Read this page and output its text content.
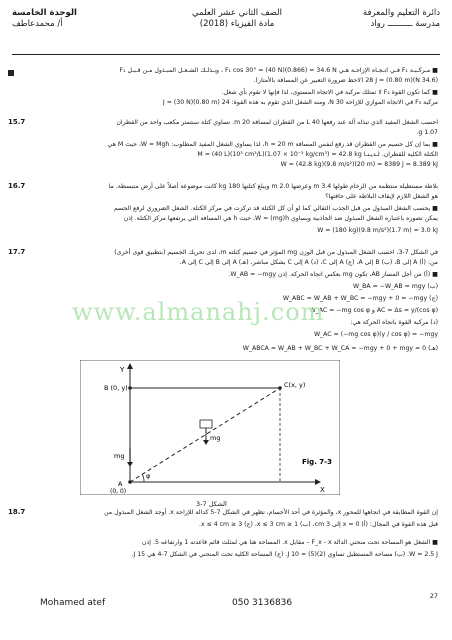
دائرة التعليم والمعرفة
مدرسة ــــــــــ رواد
الصف الثاني عشر العلمي
مادة الفيزياء (2018)
الوحدة الخامسة
أ/ محمدعاطف
■ مـركـبـة F₁ فـي اتـجـاه الإزاحـة هـي F₁ cos 30° = (40 N)(0.866) = 34.6 N ، وبـذلـك الشـغـل المبـذول مـن قـبـل F₁
(34.6 N)(0.80 m) = 28 J (لاحظ ضرورة التعبير عن المسافة بالأمتار).
■ كما تكون القوة F₂ لا تمتلك مركبة في الاتجاه المستوى، لذا فإنها لا تقوم بأي شغل.
مركبة F₃ في الاتجاه الموازي للإزاحة 30 N، ومنه الشغل الذي تقوم به هذه القوة: 24 J = (30 N)(0.80 m)
15.7	احسب الشغل المفيد الذي تبذله آلة عند رفعها 40 L من القطران لمسافة 20 m. تساوي كتلة سنتمتر مكعب واحد من القطران
1.07 g.
■ بما إن كل جسيم من القطران قد رفع لنفس المسافة h = 20 m، لذا يساوي الشغل المفيد المطلوب: W = Mgh، حيث M هي
الكتلة الكلية للقطران. لـديـنـا M = (40 L)(10³ cm³/L)(1.07 × 10⁻³ kg/cm³) = 42.8 kg
W = (42.8 kg)(9.8 m/s²)(20 m) = 8389 J = 8.389 kJ
16.7	بلاطة مستطيلة منتظمة من الرخام طولها 3.4 m وعرضها 2.0 m ويبلغ كتلتها 180 kg كانت موضوعة أصلاً على أرض متبسطة. ما
هو الشغل اللازم لإيقاف البلاطة على حافتها؟
■ يحسب الشغل المبذول من قبل الجذب الثقالي كما لو أن كل الكتلة قد تركزت في مركز الكتلة. الشغل الضروري لرفع الجسم
يمكن تصوره باعتباره الشغل المبذول ضد الجاذبية ويساوي W = (mg)h، حيث h هي المسافة التي يرتفعها مركز الكتلة. إذن
W = (180 kg)(9.8 m/s²)(1.7 m) = 3.0 kJ
17.7	في الشكل 7-3، احسب الشغل المبذول من قبل الوزن mg المؤثر في جسيم كتلته m، لدى تحريك الجسيم (بتطبيق قوى أخرى)
من: (أ) A إلى B، (ب) B إلى A، (ج) A إلى C، (د) A إلى C بشكل مباشر، (هـ) A إلى B إلى C إلى A.
■ (أ) من أجل المسار AB، تكون mg بعكس اتجاه الحركة. إذن W_AB = −mgy.
(ب) W_BA = −W_AB = mgy
(ج) W_ABC = W_AB + W_BC = −mgy + 0 = −mgy
AC = Δs = y/(cos φ) و W_AC = −mg cos φ
(د) مركبة القوة باتجاه الحركة هي:
W_AC = (−mg cos φ)(y / cos φ) = −mgy
(هـ) W_ABCA = W_AB + W_BC + W_CA = −mgy + 0 + mgy = 0
www.almanahj.com
Y
X
B (0, y)	C(x, y)
A
(0, 0)
mg
mg
φ
Fig. 7-3
الشكل 7-3
18.7	إن القوة المطابقة في اتجاهها للمحور x، والمؤثرة في أحد الأجسام، تظهر في الشكل 7-5 كدالة للإزاحة x. أوجد الشغل المبذول من
قبل هذه القوة في المجال: (أ) x = 0 إلى 3 cm، (ب) 1 ≤ x ≤ 3 cm، (ج) 3 ≤ x ≤ 4 cm.
■ الشغل هو المساحة تحت منحني الدالة F_x - x – مقابل x. المساحة هنا هي لمثلث قائم قاعدته 1 وارتفاعه 5. إذن
W = 2.5 J. (ب) مساحة المستطيل تساوي (2)(5) = 10 J. (ج) المساحة الكلية تحت المنحني في الشكل 7-4 هي 15 J.
27
Mohamed atef	050 3136836
